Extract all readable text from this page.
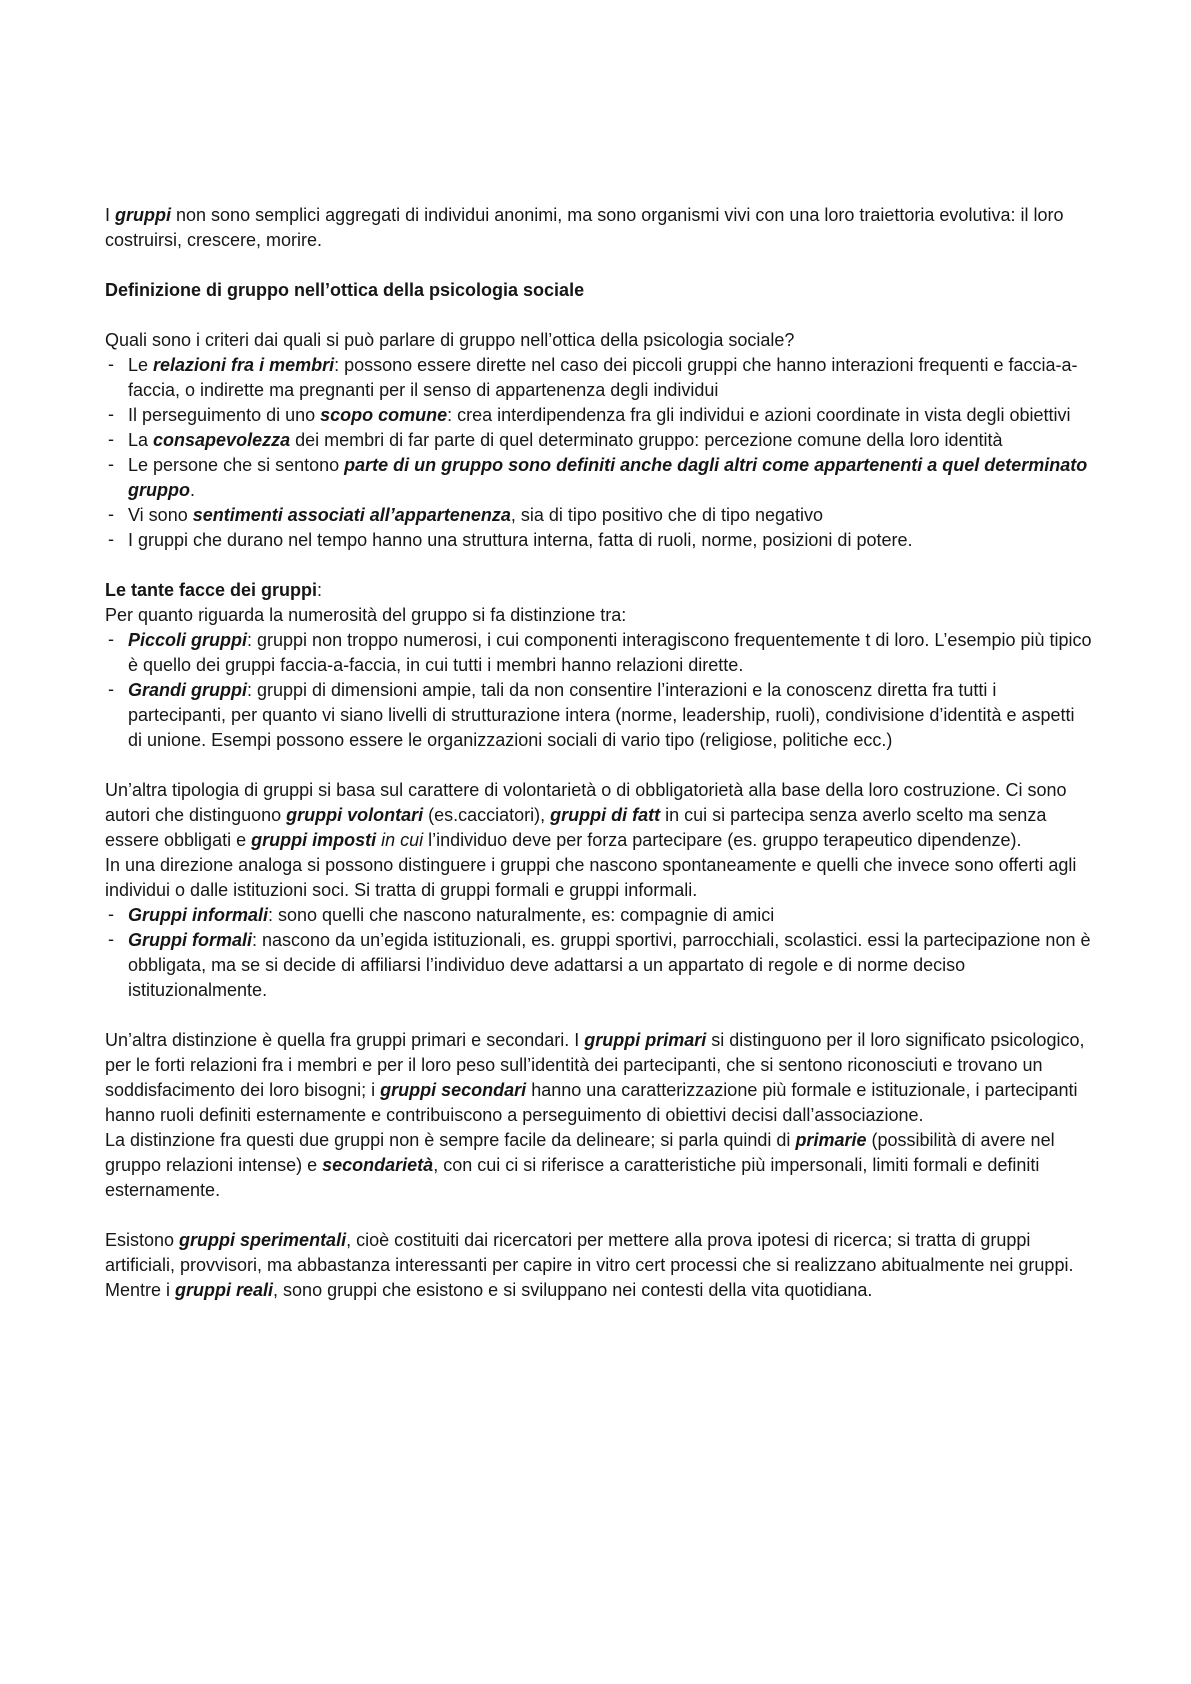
I gruppi non sono semplici aggregati di individui anonimi, ma sono organismi vivi con una loro traiettoria evolutiva: il loro costruirsi, crescere, morire.

Definizione di gruppo nell’ottica della psicologia sociale

Quali sono i criteri dai quali si può parlare di gruppo nell’ottica della psicologia sociale?

- Le relazioni fra i membri: possono essere dirette nel caso dei piccoli gruppi che hanno interazioni frequenti e faccia-a-faccia, o indirette ma pregnanti per il senso di appartenenza degli individui
- Il perseguimento di uno scopo comune: crea interdipendenza fra gli individui e azioni coordinate in vista degli obiettivi
- La consapevolezza dei membri di far parte di quel determinato gruppo: percezione comune della loro identità
- Le persone che si sentono parte di un gruppo sono definiti anche dagli altri come appartenenti a quel determinato gruppo.
- Vi sono sentimenti associati all’appartenenza, sia di tipo positivo che di tipo negativo
- I gruppi che durano nel tempo hanno una struttura interna, fatta di ruoli, norme, posizioni di potere.

Le tante facce dei gruppi:

Per quanto riguarda la numerosità del gruppo si fa distinzione tra:

- Piccoli gruppi: gruppi non troppo numerosi, i cui componenti interagiscono frequentemente t di loro. L’esempio più tipico è quello dei gruppi faccia-a-faccia, in cui tutti i membri hanno relazioni dirette.
- Grandi gruppi: gruppi di dimensioni ampie, tali da non consentire l’interazioni e la conoscenz diretta fra tutti i partecipanti, per quanto vi siano livelli di strutturazione intera (norme, leadership, ruoli), condivisione d’identità e aspetti di unione. Esempi possono essere le organizzazioni sociali di vario tipo (religiose, politiche ecc.)

Un’altra tipologia di gruppi si basa sul carattere di volontarietà o di obbligatorietà alla base della loro costruzione. Ci sono autori che distinguono gruppi volontari (es.cacciatori), gruppi di fatt in cui si partecipa senza averlo scelto ma senza essere obbligati e gruppi imposti in cui l’individuo deve per forza partecipare (es. gruppo terapeutico dipendenze).

In una direzione analoga si possono distinguere i gruppi che nascono spontaneamente e quelli che invece sono offerti agli individui o dalle istituzioni soci. Si tratta di gruppi formali e gruppi informali.

- Gruppi informali: sono quelli che nascono naturalmente, es: compagnie di amici
- Gruppi formali: nascono da un’egida istituzionali, es. gruppi sportivi, parrocchiali, scolastici. essi la partecipazione non è obbligata, ma se si decide di affiliarsi l’individuo deve adattarsi a un appartato di regole e di norme deciso istituzionalmente.

Un’altra distinzione è quella fra gruppi primari e secondari. I gruppi primari si distinguono per il loro significato psicologico, per le forti relazioni fra i membri e per il loro peso sull’identità dei partecipanti, che si sentono riconosciuti e trovano un soddisfacimento dei loro bisogni; i gruppi secondari hanno una caratterizzazione più formale e istituzionale, i partecipanti hanno ruoli definiti esternamente e contribuiscono a perseguimento di obiettivi decisi dall’associazione.

La distinzione fra questi due gruppi non è sempre facile da delineare; si parla quindi di primarie (possibilità di avere nel gruppo relazioni intense) e secondarietà, con cui ci si riferisce a caratteristiche più impersonali, limiti formali e definiti esternamente.

Esistono gruppi sperimentali, cioè costituiti dai ricercatori per mettere alla prova ipotesi di ricerca; si tratta di gruppi artificiali, provvisori, ma abbastanza interessanti per capire in vitro cert processi che si realizzano abitualmente nei gruppi. Mentre i gruppi reali, sono gruppi che esistono e si sviluppano nei contesti della vita quotidiana.
